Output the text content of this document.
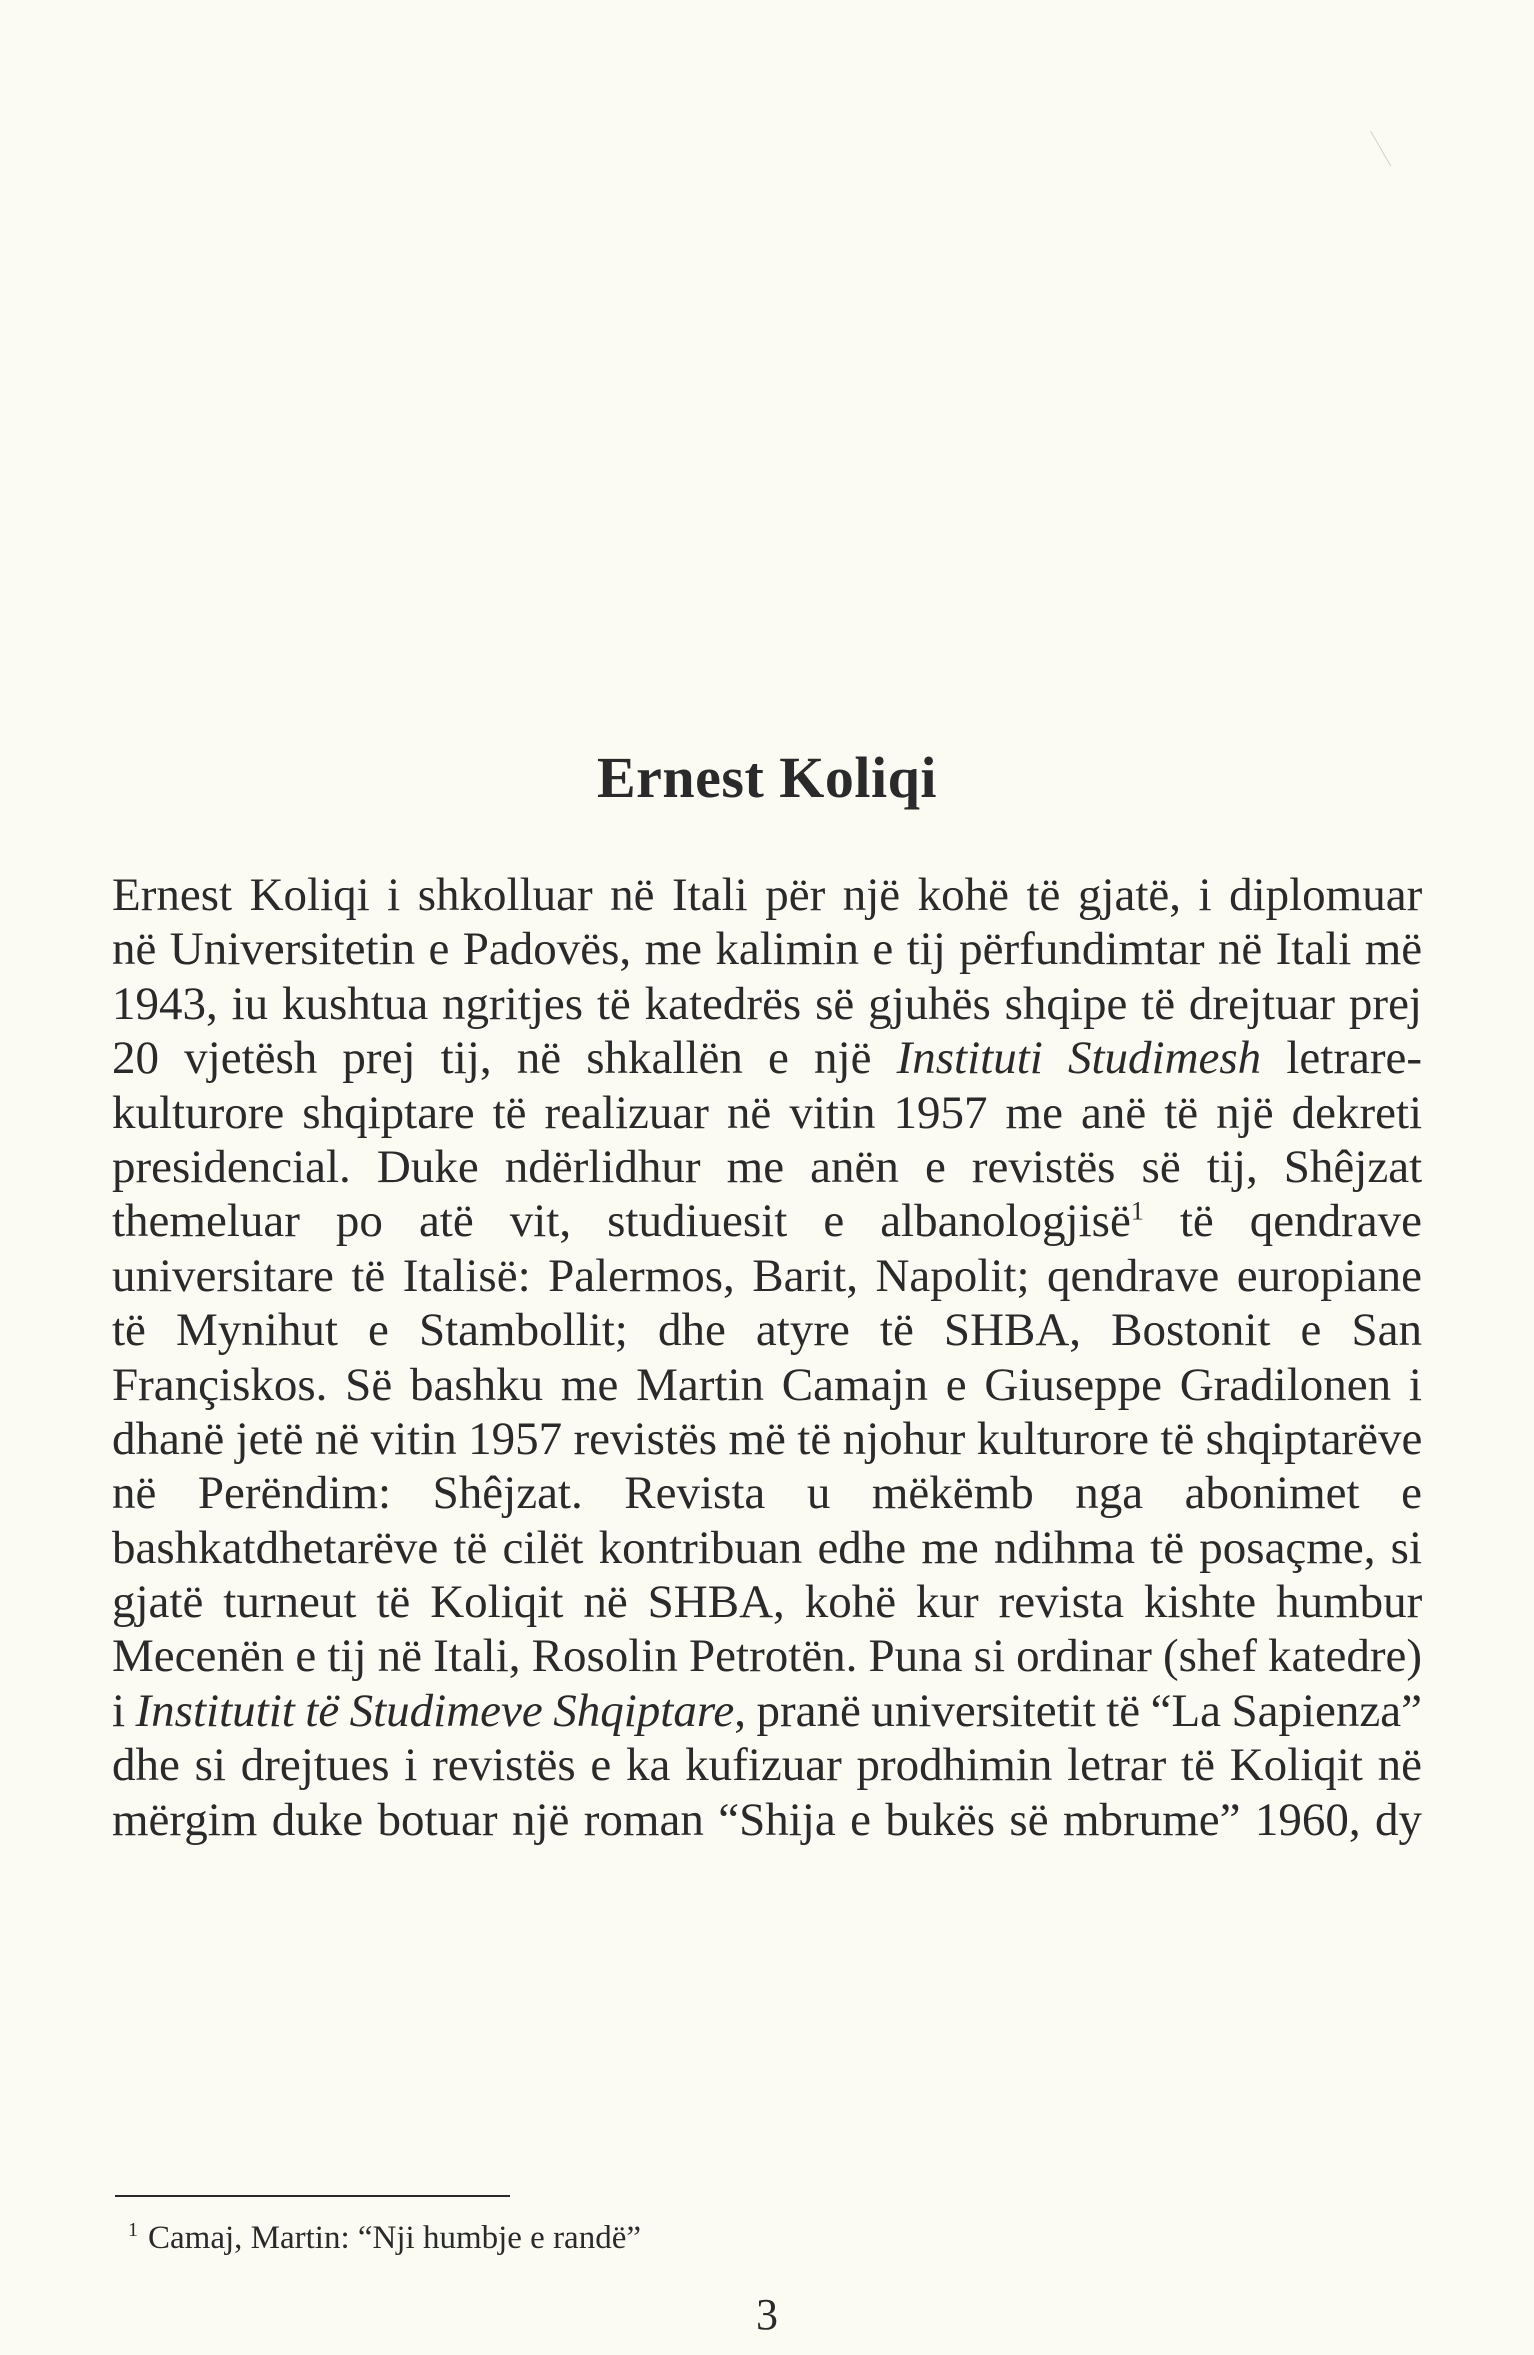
Ernest Koliqi
Ernest Koliqi i shkolluar në Itali për një kohë të gjatë, i diplomuar
në Universitetin e Padovës, me kalimin e tij përfundimtar në Itali më
1943, iu kushtua ngritjes të katedrës së gjuhës shqipe të drejtuar prej
20 vjetësh prej tij, në shkallën e një Instituti Studimesh letrare-
kulturore shqiptare të realizuar në vitin 1957 me anë të një dekreti
presidencial. Duke ndërlidhur me anën e revistës së tij, Shêjzat
themeluar po atë vit, studiuesit e albanologjisë$^1$ të qendrave
universitare të Italisë: Palermos, Barit, Napolit; qendrave europiane
të Mynihut e Stambollit; dhe atyre të SHBA, Bostonit e San
Françiskos. Së bashku me Martin Camajn e Giuseppe Gradilonen i
dhanë jetë në vitin 1957 revistës më të njohur kulturore të shqiptarëve
në Perëndim: Shêjzat. Revista u mëkëmb nga abonimet e
bashkatdhetarëve të cilët kontribuan edhe me ndihma të posaçme, si
gjatë turneut të Koliqit në SHBA, kohë kur revista kishte humbur
Mecenën e tij në Itali, Rosolin Petrotën. Puna si ordinar (shef katedre)
i Institutit të Studimeve Shqiptare, pranë universitetit të “La Sapienza”
dhe si drejtues i revistës e ka kufizuar prodhimin letrar të Koliqit në
mërgim duke botuar një roman “Shija e bukës së mbrume” 1960, dy

$^1$ Camaj, Martin: “Nji humbje e randë”

3
